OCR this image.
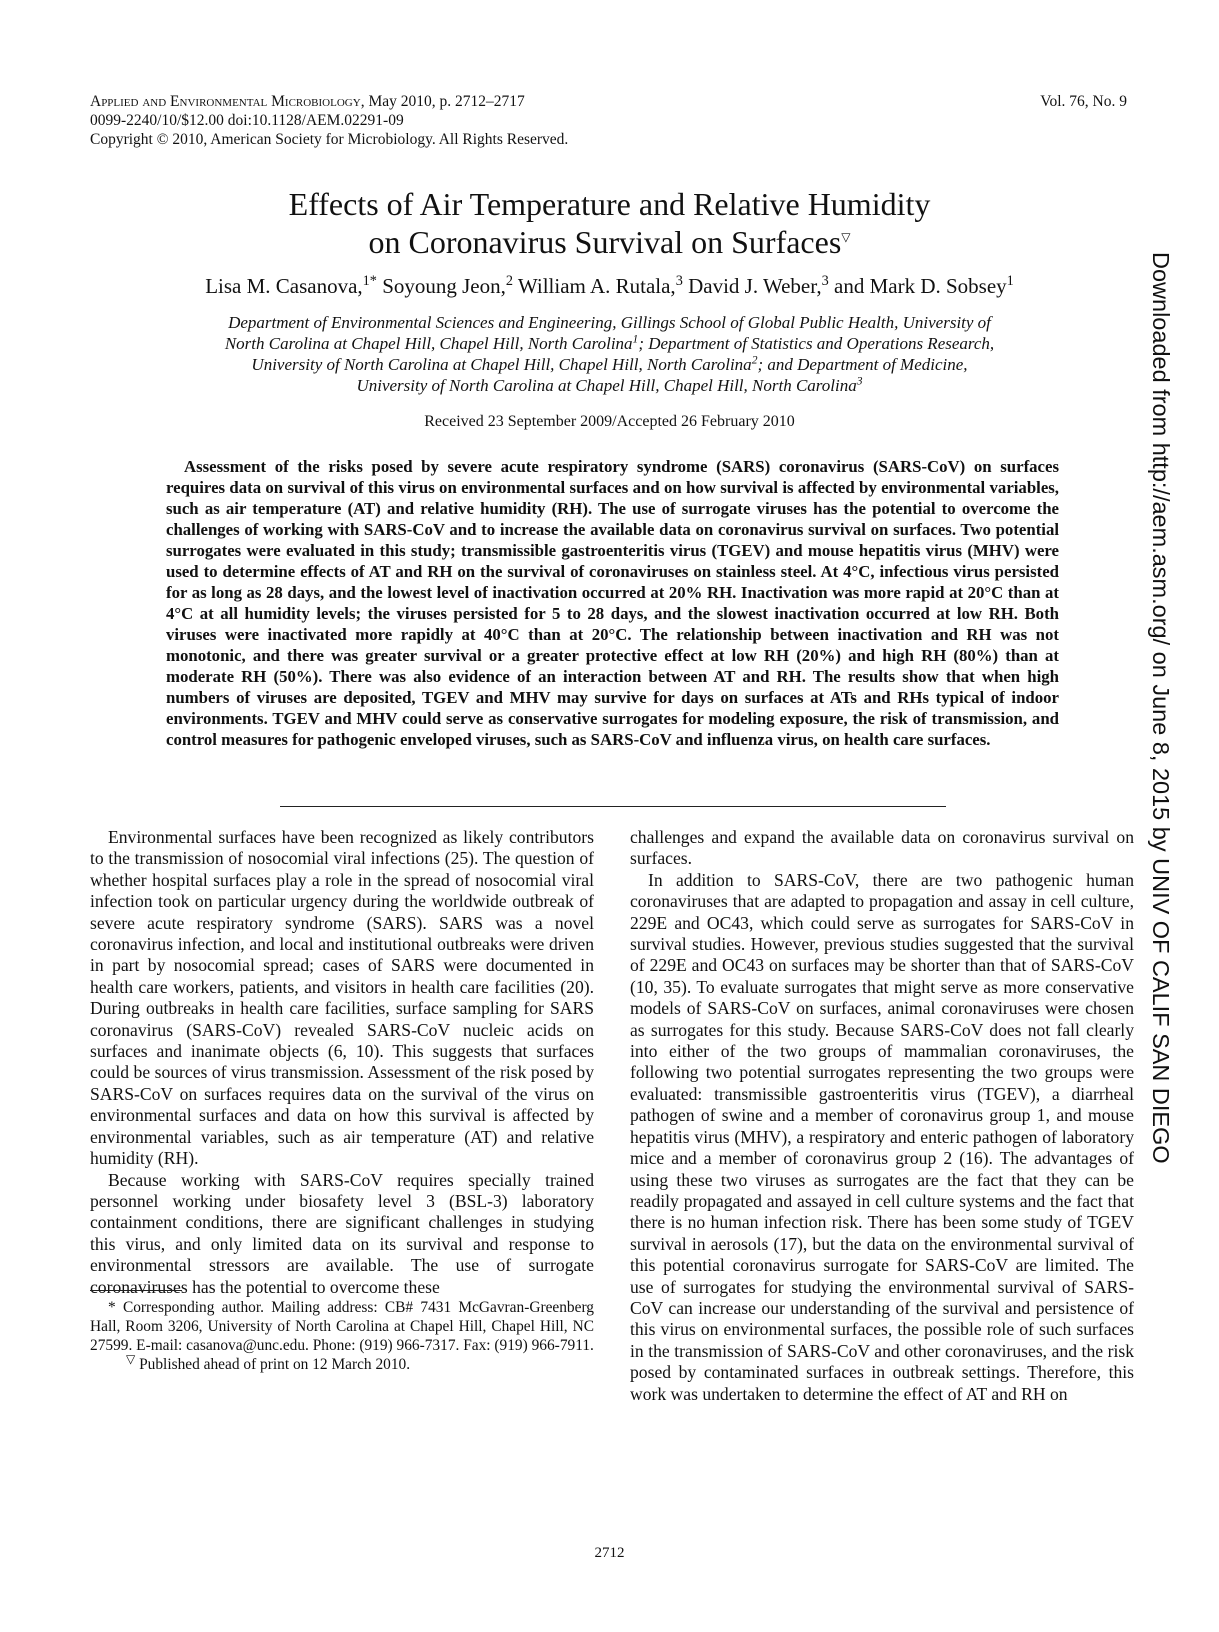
Applied and Environmental Microbiology, May 2010, p. 2712–2717
0099-2240/10/$12.00 doi:10.1128/AEM.02291-09
Copyright © 2010, American Society for Microbiology. All Rights Reserved.
Vol. 76, No. 9
Effects of Air Temperature and Relative Humidity
on Coronavirus Survival on Surfaces▽
Lisa M. Casanova,$^{1*}$ Soyoung Jeon,$^2$ William A. Rutala,$^3$ David J. Weber,$^3$ and Mark D. Sobsey$^1$
Department of Environmental Sciences and Engineering, Gillings School of Global Public Health, University of
North Carolina at Chapel Hill, Chapel Hill, North Carolina$^1$; Department of Statistics and Operations Research,
University of North Carolina at Chapel Hill, Chapel Hill, North Carolina$^2$; and Department of Medicine,
University of North Carolina at Chapel Hill, Chapel Hill, North Carolina$^3$
Received 23 September 2009/Accepted 26 February 2010
Assessment of the risks posed by severe acute respiratory syndrome (SARS) coronavirus (SARS-CoV) on surfaces requires data on survival of this virus on environmental surfaces and on how survival is affected by environmental variables, such as air temperature (AT) and relative humidity (RH). The use of surrogate viruses has the potential to overcome the challenges of working with SARS-CoV and to increase the available data on coronavirus survival on surfaces. Two potential surrogates were evaluated in this study; transmissible gastroenteritis virus (TGEV) and mouse hepatitis virus (MHV) were used to determine effects of AT and RH on the survival of coronaviruses on stainless steel. At 4°C, infectious virus persisted for as long as 28 days, and the lowest level of inactivation occurred at 20% RH. Inactivation was more rapid at 20°C than at 4°C at all humidity levels; the viruses persisted for 5 to 28 days, and the slowest inactivation occurred at low RH. Both viruses were inactivated more rapidly at 40°C than at 20°C. The relationship between inactivation and RH was not monotonic, and there was greater survival or a greater protective effect at low RH (20%) and high RH (80%) than at moderate RH (50%). There was also evidence of an interaction between AT and RH. The results show that when high numbers of viruses are deposited, TGEV and MHV may survive for days on surfaces at ATs and RHs typical of indoor environments. TGEV and MHV could serve as conservative surrogates for modeling exposure, the risk of transmission, and control measures for pathogenic enveloped viruses, such as SARS-CoV and influenza virus, on health care surfaces.

Environmental surfaces have been recognized as likely contributors to the transmission of nosocomial viral infections (25). The question of whether hospital surfaces play a role in the spread of nosocomial viral infection took on particular urgency during the worldwide outbreak of severe acute respiratory syndrome (SARS). SARS was a novel coronavirus infection, and local and institutional outbreaks were driven in part by nosocomial spread; cases of SARS were documented in health care workers, patients, and visitors in health care facilities (20). During outbreaks in health care facilities, surface sampling for SARS coronavirus (SARS-CoV) revealed SARS-CoV nucleic acids on surfaces and inanimate objects (6, 10). This suggests that surfaces could be sources of virus transmission. Assessment of the risk posed by SARS-CoV on surfaces requires data on the survival of the virus on environmental surfaces and data on how this survival is affected by environmental variables, such as air temperature (AT) and relative humidity (RH).

Because working with SARS-CoV requires specially trained personnel working under biosafety level 3 (BSL-3) laboratory containment conditions, there are significant challenges in studying this virus, and only limited data on its survival and response to environmental stressors are available. The use of surrogate coronaviruses has the potential to overcome these

* Corresponding author. Mailing address: CB# 7431 McGavran-Greenberg Hall, Room 3206, University of North Carolina at Chapel Hill, Chapel Hill, NC 27599. E-mail: casanova@unc.edu. Phone: (919) 966-7317. Fax: (919) 966-7911.

▽ Published ahead of print on 12 March 2010.

challenges and expand the available data on coronavirus survival on surfaces.

In addition to SARS-CoV, there are two pathogenic human coronaviruses that are adapted to propagation and assay in cell culture, 229E and OC43, which could serve as surrogates for SARS-CoV in survival studies. However, previous studies suggested that the survival of 229E and OC43 on surfaces may be shorter than that of SARS-CoV (10, 35). To evaluate surrogates that might serve as more conservative models of SARS-CoV on surfaces, animal coronaviruses were chosen as surrogates for this study. Because SARS-CoV does not fall clearly into either of the two groups of mammalian coronaviruses, the following two potential surrogates representing the two groups were evaluated: transmissible gastroenteritis virus (TGEV), a diarrheal pathogen of swine and a member of coronavirus group 1, and mouse hepatitis virus (MHV), a respiratory and enteric pathogen of laboratory mice and a member of coronavirus group 2 (16). The advantages of using these two viruses as surrogates are the fact that they can be readily propagated and assayed in cell culture systems and the fact that there is no human infection risk. There has been some study of TGEV survival in aerosols (17), but the data on the environmental survival of this potential coronavirus surrogate for SARS-CoV are limited. The use of surrogates for studying the environmental survival of SARS-CoV can increase our understanding of the survival and persistence of this virus on environmental surfaces, the possible role of such surfaces in the transmission of SARS-CoV and other coronaviruses, and the risk posed by contaminated surfaces in outbreak settings. Therefore, this work was undertaken to determine the effect of AT and RH on

2712
Downloaded from http://aem.asm.org/ on June 8, 2015 by UNIV OF CALIF SAN DIEGO
